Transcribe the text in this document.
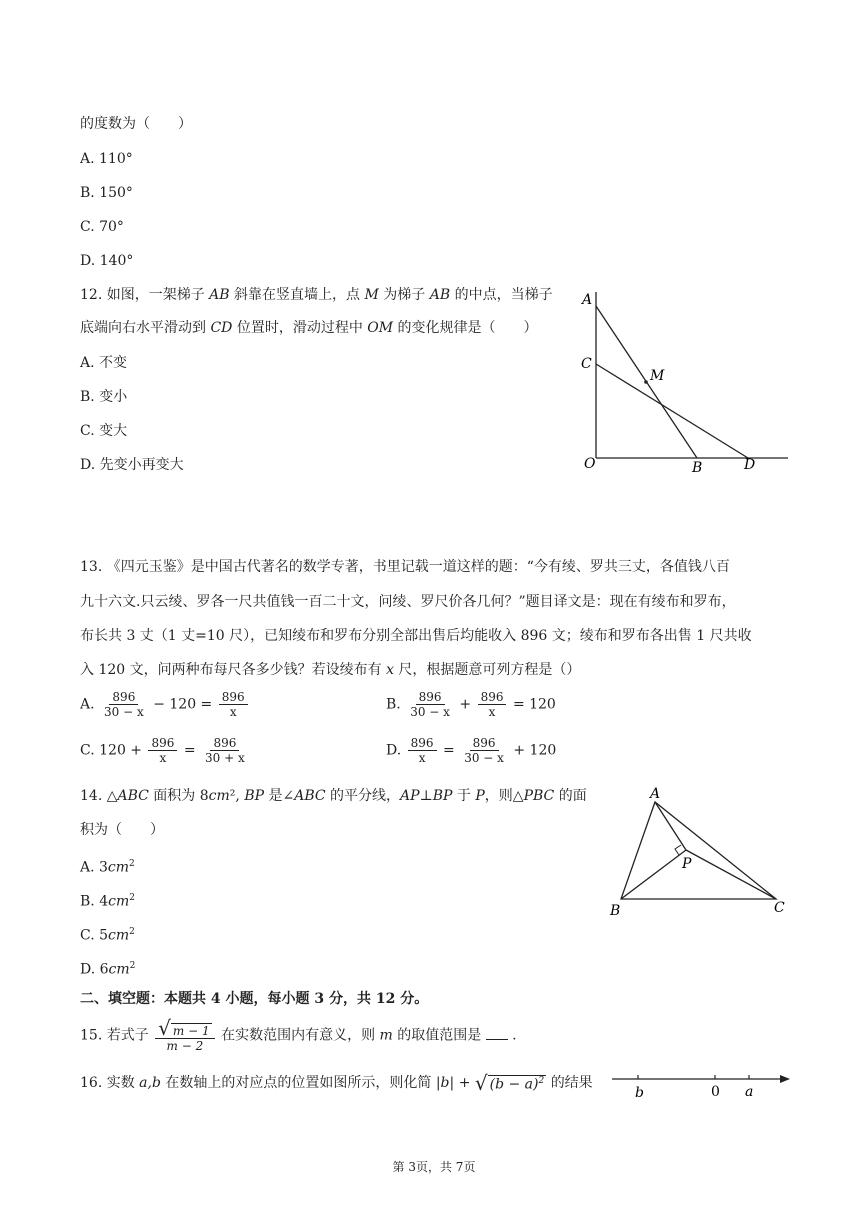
的度数为（　　）
A. 110°
B. 150°
C. 70°
D. 140°
12. 如图，一架梯子 AB 斜靠在竖直墙上，点 M 为梯子 AB 的中点，当梯子
底端向右水平滑动到 CD 位置时，滑动过程中 OM 的变化规律是（　　）
A. 不变
B. 变小
C. 变大
D. 先变小再变大
A
C
M
O	B	D
13. 《四元玉鉴》是中国古代著名的数学专著，书里记载一道这样的题：“今有绫、罗共三丈，各值钱八百
九十六文.只云绫、罗各一尺共值钱一百二十文，问绫、罗尺价各几何？”题目译文是：现在有绫布和罗布，
布长共 3 丈（1 丈=10 尺），已知绫布和罗布分别全部出售后均能收入 896 文；绫布和罗布各出售 1 尺共收
入 120 文，问两种布每尺各多少钱？若设绫布有 x 尺，根据题意可列方程是（）
A. $\frac{896}{30 - x} - 120 = \frac{896}{x}$	B. $\frac{896}{30 - x} + \frac{896}{x} = 120$
C. $120 + \frac{896}{x} = \frac{896}{30 + x}$	D. $\frac{896}{x} = \frac{896}{30 - x} + 120$
14. △ABC 面积为 8cm², BP 是∠ABC 的平分线，AP⊥BP 于 P，则△PBC 的面
积为（　　）
A. $3cm^2$
B. $4cm^2$
C. $5cm^2$
D. $6cm^2$
A
P
B	C
二、填空题：本题共 4 小题，每小题 3 分，共 12 分。
15. 若式子 $\frac{√ m - 1}{m - 2}$ 在实数范围内有意义，则 m 的取值范围是  .
16. 实数 a,b 在数轴上的对应点的位置如图所示，则化简 |b| + √ $(b - a)^2$ 的结果
b	0 a
第 3页，共 7页
